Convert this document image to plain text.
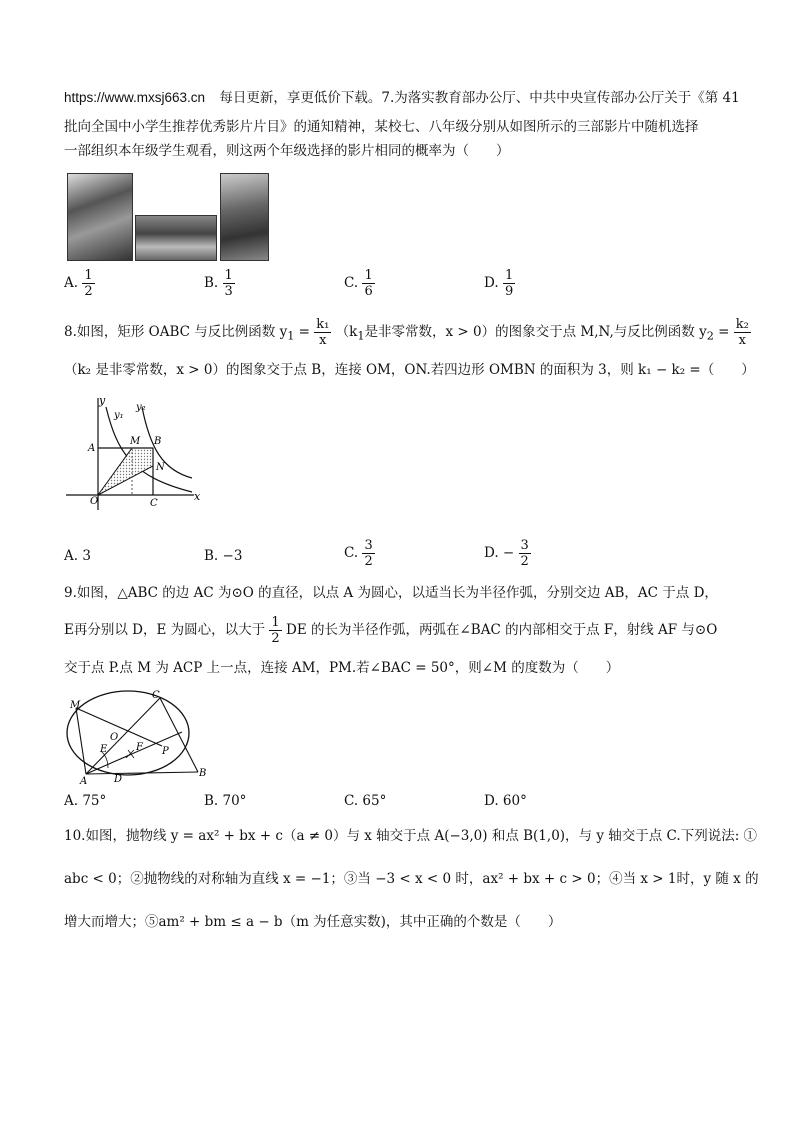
https://www.mxsj663.cn 每日更新，享更低价下载。7.为落实教育部办公厅、中共中央宣传部办公厅关于《第 41
批向全国中小学生推荐优秀影片片目》的通知精神，某校七、八年级分别从如图所示的三部影片中随机选择
一部组织本年级学生观看，则这两个年级选择的影片相同的概率为（　　）
A. $\frac{1}{2}$	B. $\frac{1}{3}$	C. $\frac{1}{6}$	D. $\frac{1}{9}$
8.如图，矩形 OABC 与反比例函数 $y_1 = \frac{\text{k₁}}{x} (k_1$是非零常数，x > 0）的图象交于点 M,N,与反比例函数 $y_2 = \frac{\text{k₂}}{x}$
（k₂ 是非零常数，x > 0）的图象交于点 B，连接 OM，ON.若四边形 OMBN 的面积为 3，则 k₁ − k₂ =（　　）
y
y₁
y₂
A
M B
N
O	C
x
A. 3	B. −3	C. $\frac{3}{2}$	D. − $\frac{3}{2}$
9.如图，△ABC 的边 AC 为⊙O 的直径，以点 A 为圆心，以适当长为半径作弧，分别交边 AB，AC 于点 D，
E再分别以 D，E 为圆心，以大于 $\frac{1}{2}$ DE 的长为半径作弧，两弧在∠BAC 的内部相交于点 F，射线 AF 与⊙O
交于点 P.点 M 为 ACP 上一点，连接 AM，PM.若∠BAC = 50°，则∠M 的度数为（　　）
M
C
O
E	F P
A	D
B
A. 75°	B. 70°	C. 65°	D. 60°
10.如图，抛物线 y = ax² + bx + c（a ≠ 0）与 x 轴交于点 A(−3,0) 和点 B(1,0)，与 y 轴交于点 C.下列说法: ①
abc < 0；②抛物线的对称轴为直线 x = −1；③当 −3 < x < 0 时，ax² + bx + c > 0；④当 x > 1时，y 随 x 的
增大而增大；⑤am² + bm ≤ a − b（m 为任意实数)，其中正确的个数是（　　）
